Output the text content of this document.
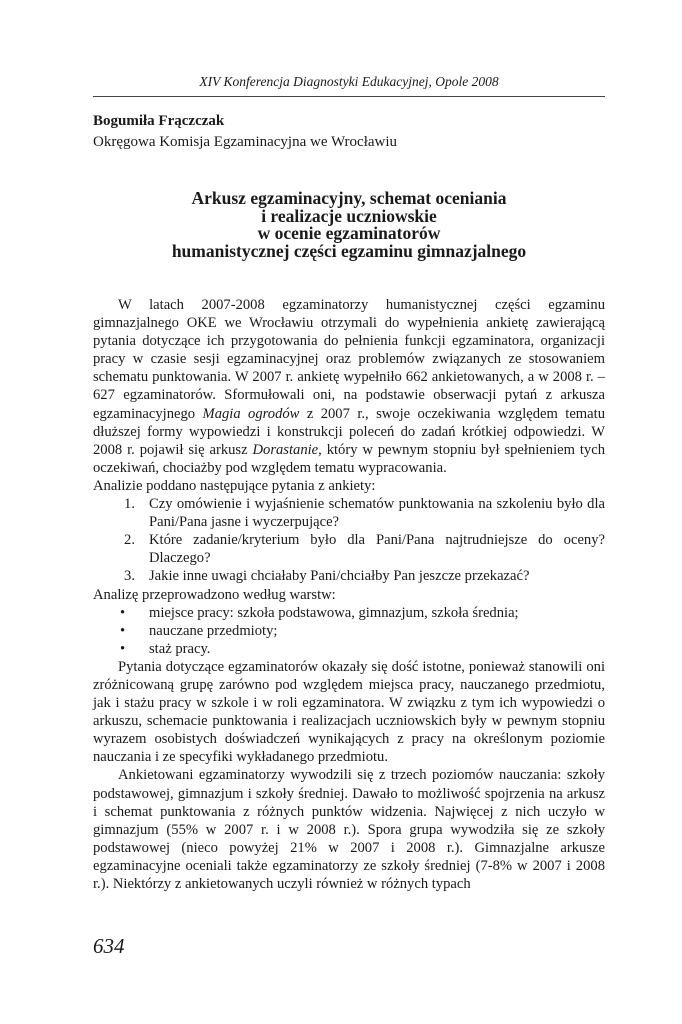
XIV Konferencja Diagnostyki Edukacyjnej, Opole 2008
Bogumiła Frączczak
Okręgowa Komisja Egzaminacyjna we Wrocławiu
Arkusz egzaminacyjny, schemat oceniania
i realizacje uczniowskie
w ocenie egzaminatorów
humanistycznej części egzaminu gimnazjalnego

W latach 2007-2008 egzaminatorzy humanistycznej części egzaminu gimnazjalnego OKE we Wrocławiu otrzymali do wypełnienia ankietę zawierającą pytania dotyczące ich przygotowania do pełnienia funkcji egzaminatora, organizacji pracy w czasie sesji egzaminacyjnej oraz problemów związanych ze stosowaniem schematu punktowania. W 2007 r. ankietę wypełniło 662 ankietowanych, a w 2008 r. – 627 egzaminatorów. Sformułowali oni, na podstawie obserwacji pytań z arkusza egzaminacyjnego Magia ogrodów z 2007 r., swoje oczekiwania względem tematu dłuższej formy wypowiedzi i konstrukcji poleceń do zadań krótkiej odpowiedzi. W 2008 r. pojawił się arkusz Dorastanie, który w pewnym stopniu był spełnieniem tych oczekiwań, chociażby pod względem tematu wypracowania.

Analizie poddano następujące pytania z ankiety:

1. Czy omówienie i wyjaśnienie schematów punktowania na szkoleniu było dla Pani/Pana jasne i wyczerpujące?
2. Które zadanie/kryterium było dla Pani/Pana najtrudniejsze do oceny? Dlaczego?
3. Jakie inne uwagi chciałaby Pani/chciałby Pan jeszcze przekazać?

Analizę przeprowadzono według warstw:

• miejsce pracy: szkoła podstawowa, gimnazjum, szkoła średnia;
• nauczane przedmioty;
• staż pracy.

Pytania dotyczące egzaminatorów okazały się dość istotne, ponieważ stanowili oni zróżnicowaną grupę zarówno pod względem miejsca pracy, nauczanego przedmiotu, jak i stażu pracy w szkole i w roli egzaminatora. W związku z tym ich wypowiedzi o arkuszu, schemacie punktowania i realizacjach uczniowskich były w pewnym stopniu wyrazem osobistych doświadczeń wynikających z pracy na określonym poziomie nauczania i ze specyfiki wykładanego przedmiotu.

Ankietowani egzaminatorzy wywodzili się z trzech poziomów nauczania: szkoły podstawowej, gimnazjum i szkoły średniej. Dawało to możliwość spojrzenia na arkusz i schemat punktowania z różnych punktów widzenia. Najwięcej z nich uczyło w gimnazjum (55% w 2007 r. i w 2008 r.). Spora grupa wywodziła się ze szkoły podstawowej (nieco powyżej 21% w 2007 i 2008 r.). Gimnazjalne arkusze egzaminacyjne oceniali także egzaminatorzy ze szkoły średniej (7-8% w 2007 i 2008 r.). Niektórzy z ankietowanych uczyli również w różnych typach

634
